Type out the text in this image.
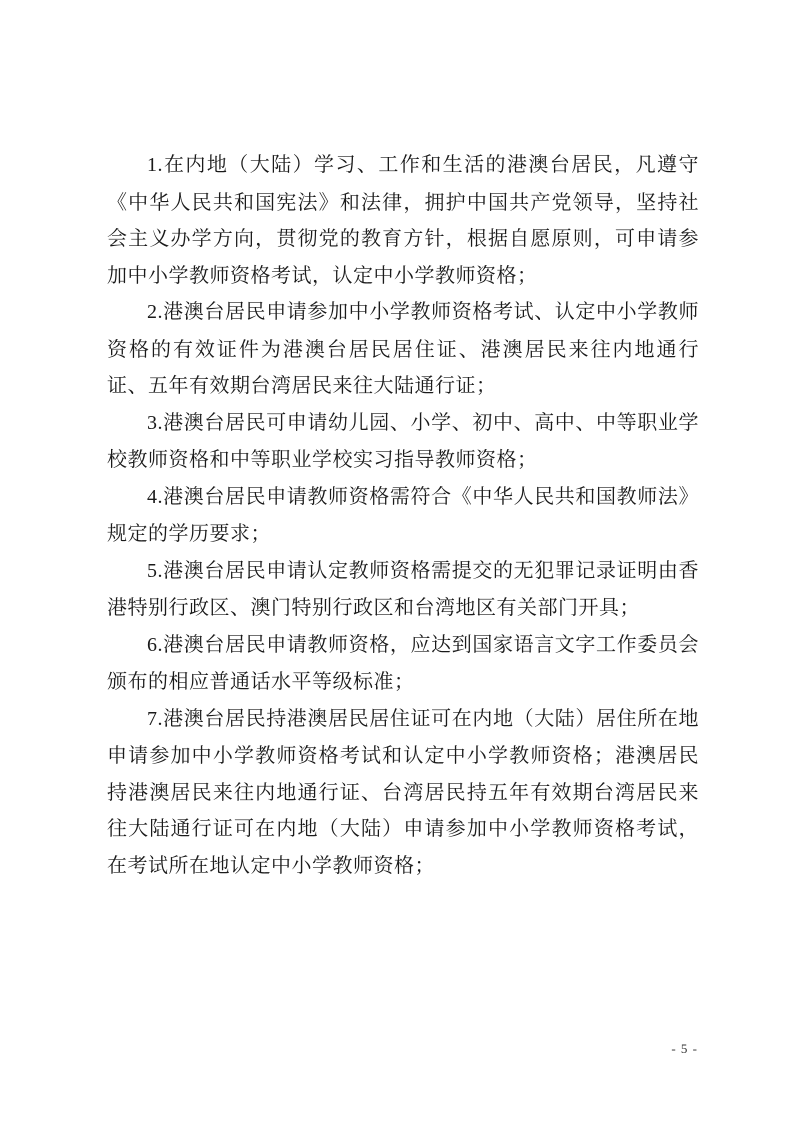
1.在内地（大陆）学习、工作和生活的港澳台居民，凡遵守《中华人民共和国宪法》和法律，拥护中国共产党领导，坚持社会主义办学方向，贯彻党的教育方针，根据自愿原则，可申请参加中小学教师资格考试，认定中小学教师资格；

2.港澳台居民申请参加中小学教师资格考试、认定中小学教师资格的有效证件为港澳台居民居住证、港澳居民来往内地通行证、五年有效期台湾居民来往大陆通行证；

3.港澳台居民可申请幼儿园、小学、初中、高中、中等职业学校教师资格和中等职业学校实习指导教师资格；

4.港澳台居民申请教师资格需符合《中华人民共和国教师法》规定的学历要求；

5.港澳台居民申请认定教师资格需提交的无犯罪记录证明由香港特别行政区、澳门特别行政区和台湾地区有关部门开具；

6.港澳台居民申请教师资格，应达到国家语言文字工作委员会颁布的相应普通话水平等级标准；

7.港澳台居民持港澳居民居住证可在内地（大陆）居住所在地申请参加中小学教师资格考试和认定中小学教师资格；港澳居民持港澳居民来往内地通行证、台湾居民持五年有效期台湾居民来往大陆通行证可在内地（大陆）申请参加中小学教师资格考试，在考试所在地认定中小学教师资格；

- 5 -
